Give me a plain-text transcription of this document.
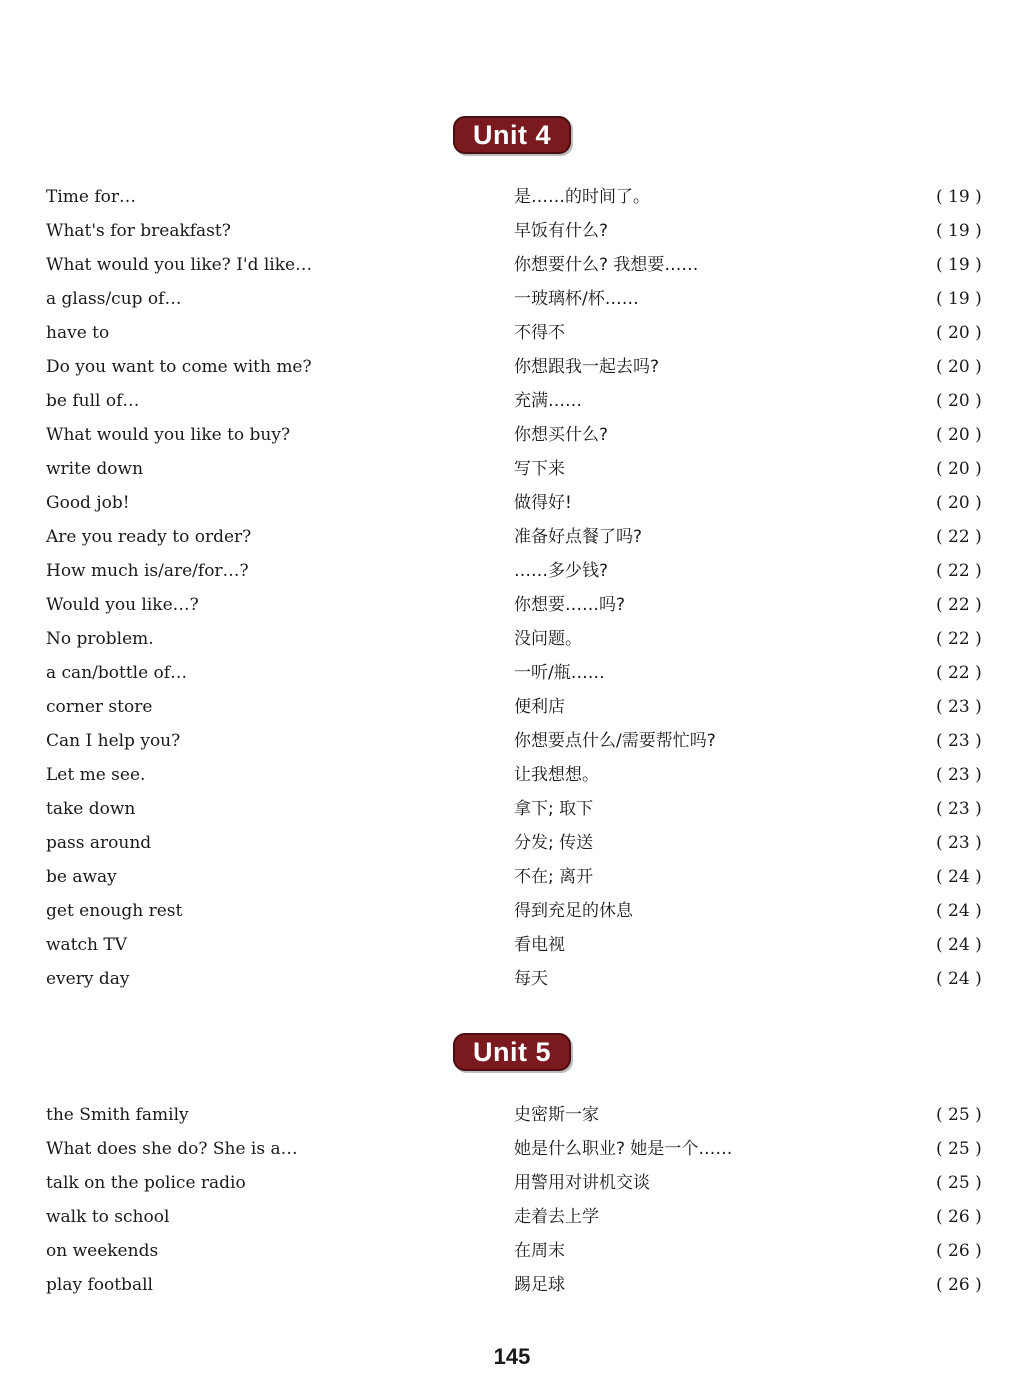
Unit 4
Time for…	是……的时间了。	( 19 )
What's for breakfast?	早饭有什么?	( 19 )
What would you like? I'd like…	你想要什么? 我想要……	( 19 )
a glass/cup of…	一玻璃杯/杯……	( 19 )
have to	不得不	( 20 )
Do you want to come with me?	你想跟我一起去吗?	( 20 )
be full of…	充满……	( 20 )
What would you like to buy?	你想买什么?	( 20 )
write down	写下来	( 20 )
Good job!	做得好!	( 20 )
Are you ready to order?	准备好点餐了吗?	( 22 )
How much is/are/for…?	……多少钱?	( 22 )
Would you like…?	你想要……吗?	( 22 )
No problem.	没问题。	( 22 )
a can/bottle of…	一听/瓶……	( 22 )
corner store	便利店	( 23 )
Can I help you?	你想要点什么/需要帮忙吗?	( 23 )
Let me see.	让我想想。	( 23 )
take down	拿下; 取下	( 23 )
pass around	分发; 传送	( 23 )
be away	不在; 离开	( 24 )
get enough rest	得到充足的休息	( 24 )
watch TV	看电视	( 24 )
every day	每天	( 24 )
Unit 5
the Smith family	史密斯一家	( 25 )
What does she do? She is a…	她是什么职业? 她是一个……	( 25 )
talk on the police radio	用警用对讲机交谈	( 25 )
walk to school	走着去上学	( 26 )
on weekends	在周末	( 26 )
play football	踢足球	( 26 )
145
